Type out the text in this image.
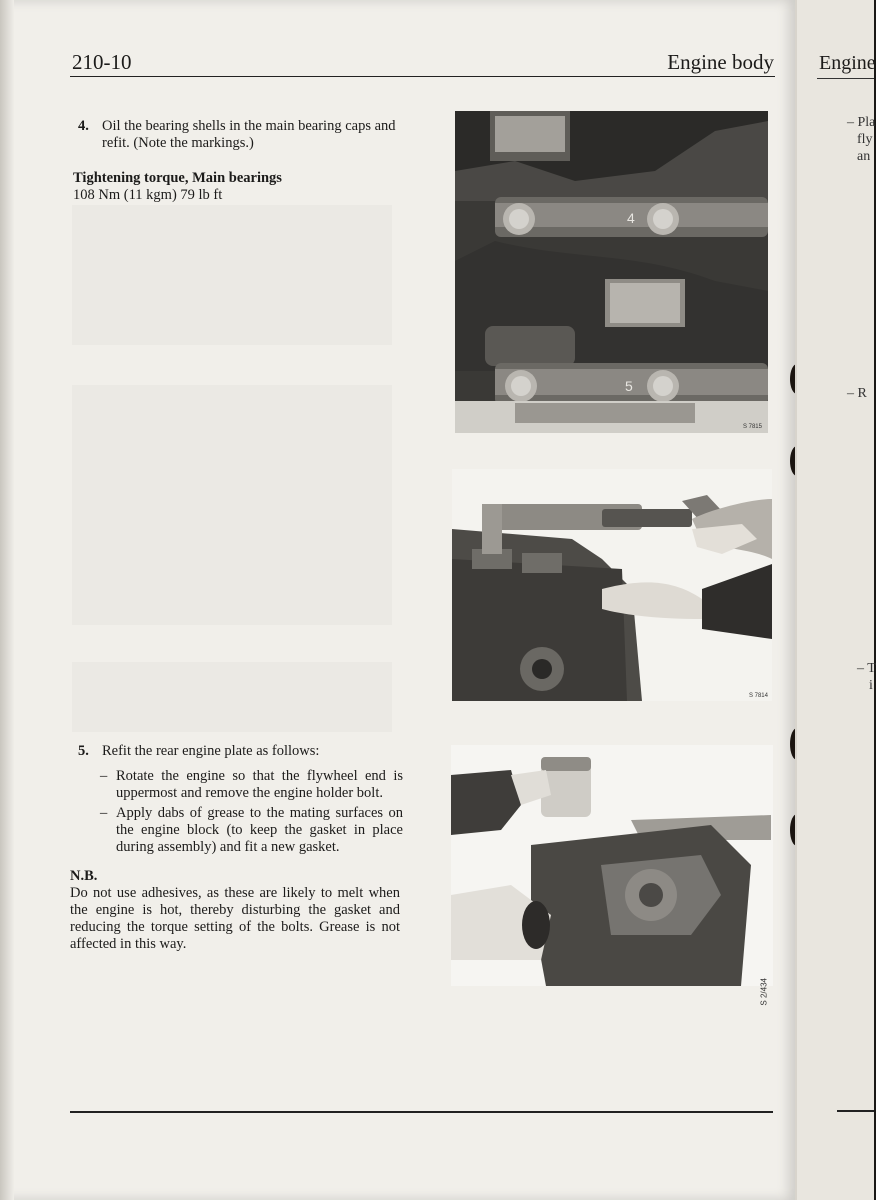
210-10	Engine body
4. Oil the bearing shells in the main bearing caps and refit. (Note the markings.)
Tightening torque, Main bearings
108 Nm (11 kgm) 79 lb ft
5. Refit the rear engine plate as follows:
– Rotate the engine so that the flywheel end is uppermost and remove the engine holder bolt.
– Apply dabs of grease to the mating surfaces on the engine block (to keep the gasket in place during assembly) and fit a new gasket.
N.B.
Do not use adhesives, as these are likely to melt when the engine is hot, thereby disturbing the gasket and reducing the torque setting of the bolts. Grease is not affected in this way.
4
5
S 7815
S 7814
S 2/434
Engine
– Pla
fly
an
– R
– T
i
